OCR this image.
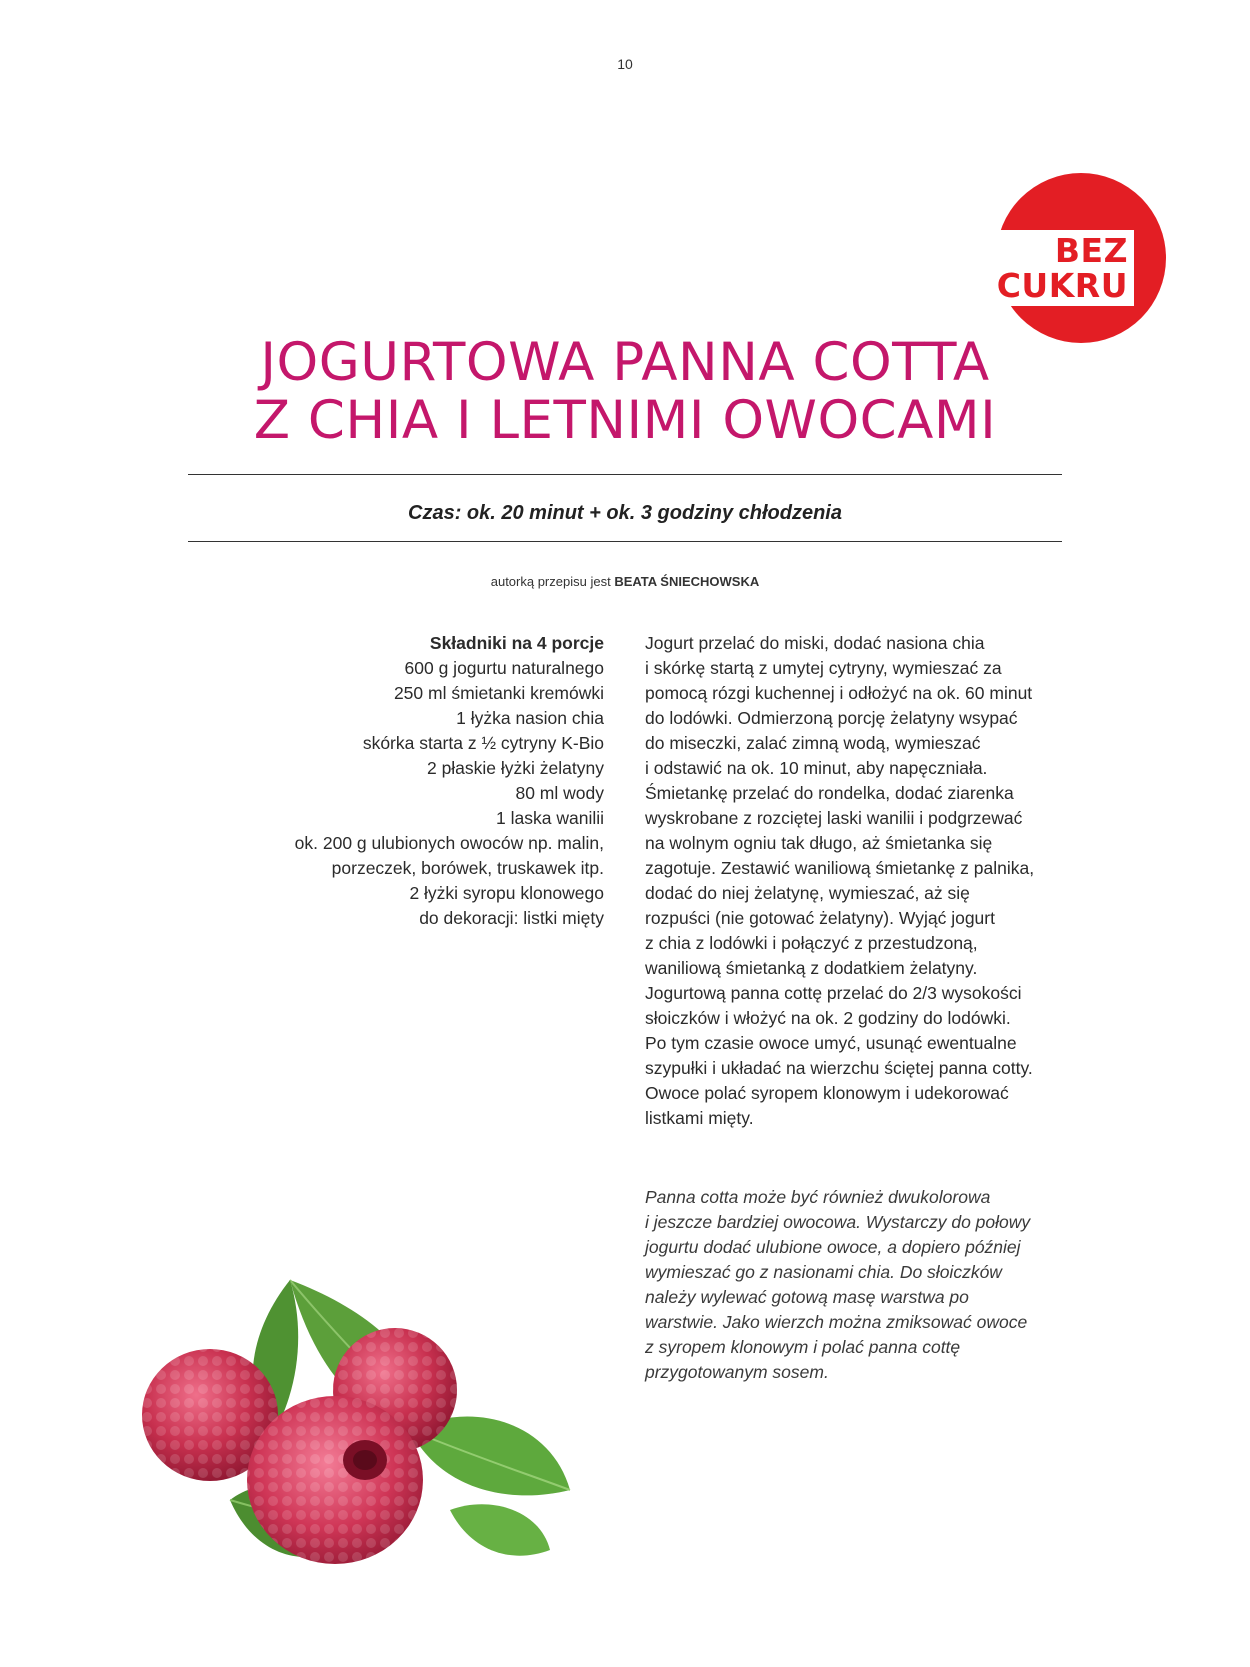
10
BEZ
CUKRU
JOGURTOWA PANNA COTTA
Z CHIA I LETNIMI OWOCAMI
Czas: ok. 20 minut + ok. 3 godziny chłodzenia
autorką przepisu jest BEATA ŚNIECHOWSKA
Składniki na 4 porcje
600 g jogurtu naturalnego
250 ml śmietanki kremówki
1 łyżka nasion chia
skórka starta z ½ cytryny K-Bio
2 płaskie łyżki żelatyny
80 ml wody
1 laska wanilii
ok. 200 g ulubionych owoców np. malin,
porzeczek, borówek, truskawek itp.
2 łyżki syropu klonowego
do dekoracji: listki mięty
Jogurt przelać do miski, dodać nasiona chia
i skórkę startą z umytej cytryny, wymieszać za
pomocą rózgi kuchennej i odłożyć na ok. 60 minut
do lodówki. Odmierzoną porcję żelatyny wsypać
do miseczki, zalać zimną wodą, wymieszać
i odstawić na ok. 10 minut, aby napęczniała.
Śmietankę przelać do rondelka, dodać ziarenka
wyskrobane z rozciętej laski wanilii i podgrzewać
na wolnym ogniu tak długo, aż śmietanka się
zagotuje. Zestawić waniliową śmietankę z palnika,
dodać do niej żelatynę, wymieszać, aż się
rozpuści (nie gotować żelatyny). Wyjąć jogurt
z chia z lodówki i połączyć z przestudzoną,
waniliową śmietanką z dodatkiem żelatyny.
Jogurtową panna cottę przelać do 2/3 wysokości
słoiczków i włożyć na ok. 2 godziny do lodówki.
Po tym czasie owoce umyć, usunąć ewentualne
szypułki i układać na wierzchu ściętej panna cotty.
Owoce polać syropem klonowym i udekorować
listkami mięty.
Panna cotta może być również dwukolorowa
i jeszcze bardziej owocowa. Wystarczy do połowy
jogurtu dodać ulubione owoce, a dopiero później
wymieszać go z nasionami chia. Do słoiczków
należy wylewać gotową masę warstwa po
warstwie. Jako wierzch można zmiksować owoce
z syropem klonowym i polać panna cottę
przygotowanym sosem.
